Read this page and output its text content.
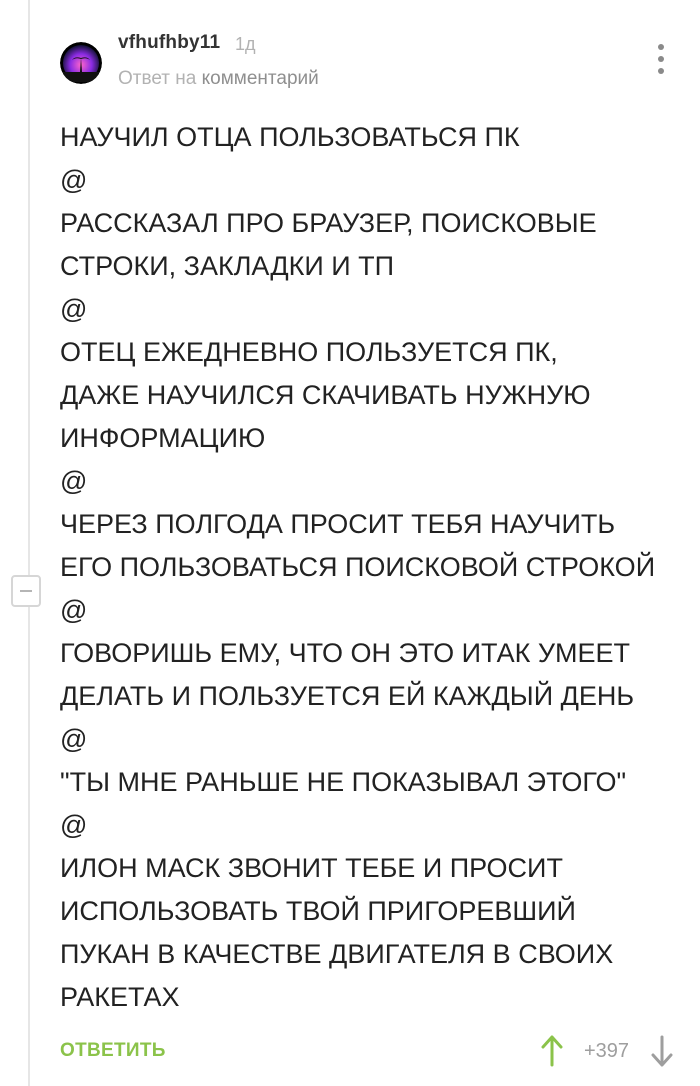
vfhufhby11 1д
Ответ на комментарий

НАУЧИЛ ОТЦА ПОЛЬЗОВАТЬСЯ ПК

@

РАССКАЗАЛ ПРО БРАУЗЕР, ПОИСКОВЫЕ

СТРОКИ, ЗАКЛАДКИ И ТП

@

ОТЕЦ ЕЖЕДНЕВНО ПОЛЬЗУЕТСЯ ПК,

ДАЖЕ НАУЧИЛСЯ СКАЧИВАТЬ НУЖНУЮ

ИНФОРМАЦИЮ

@

ЧЕРЕЗ ПОЛГОДА ПРОСИТ ТЕБЯ НАУЧИТЬ

ЕГО ПОЛЬЗОВАТЬСЯ ПОИСКОВОЙ СТРОКОЙ

@

ГОВОРИШЬ ЕМУ, ЧТО ОН ЭТО ИТАК УМЕЕТ

ДЕЛАТЬ И ПОЛЬЗУЕТСЯ ЕЙ КАЖДЫЙ ДЕНЬ

@

"ТЫ МНЕ РАНЬШЕ НЕ ПОКАЗЫВАЛ ЭТОГО"

@

ИЛОН МАСК ЗВОНИТ ТЕБЕ И ПРОСИТ

ИСПОЛЬЗОВАТЬ ТВОЙ ПРИГОРЕВШИЙ

ПУКАН В КАЧЕСТВЕ ДВИГАТЕЛЯ В СВОИХ

РАКЕТАХ

ОТВЕТИТЬ	+397
